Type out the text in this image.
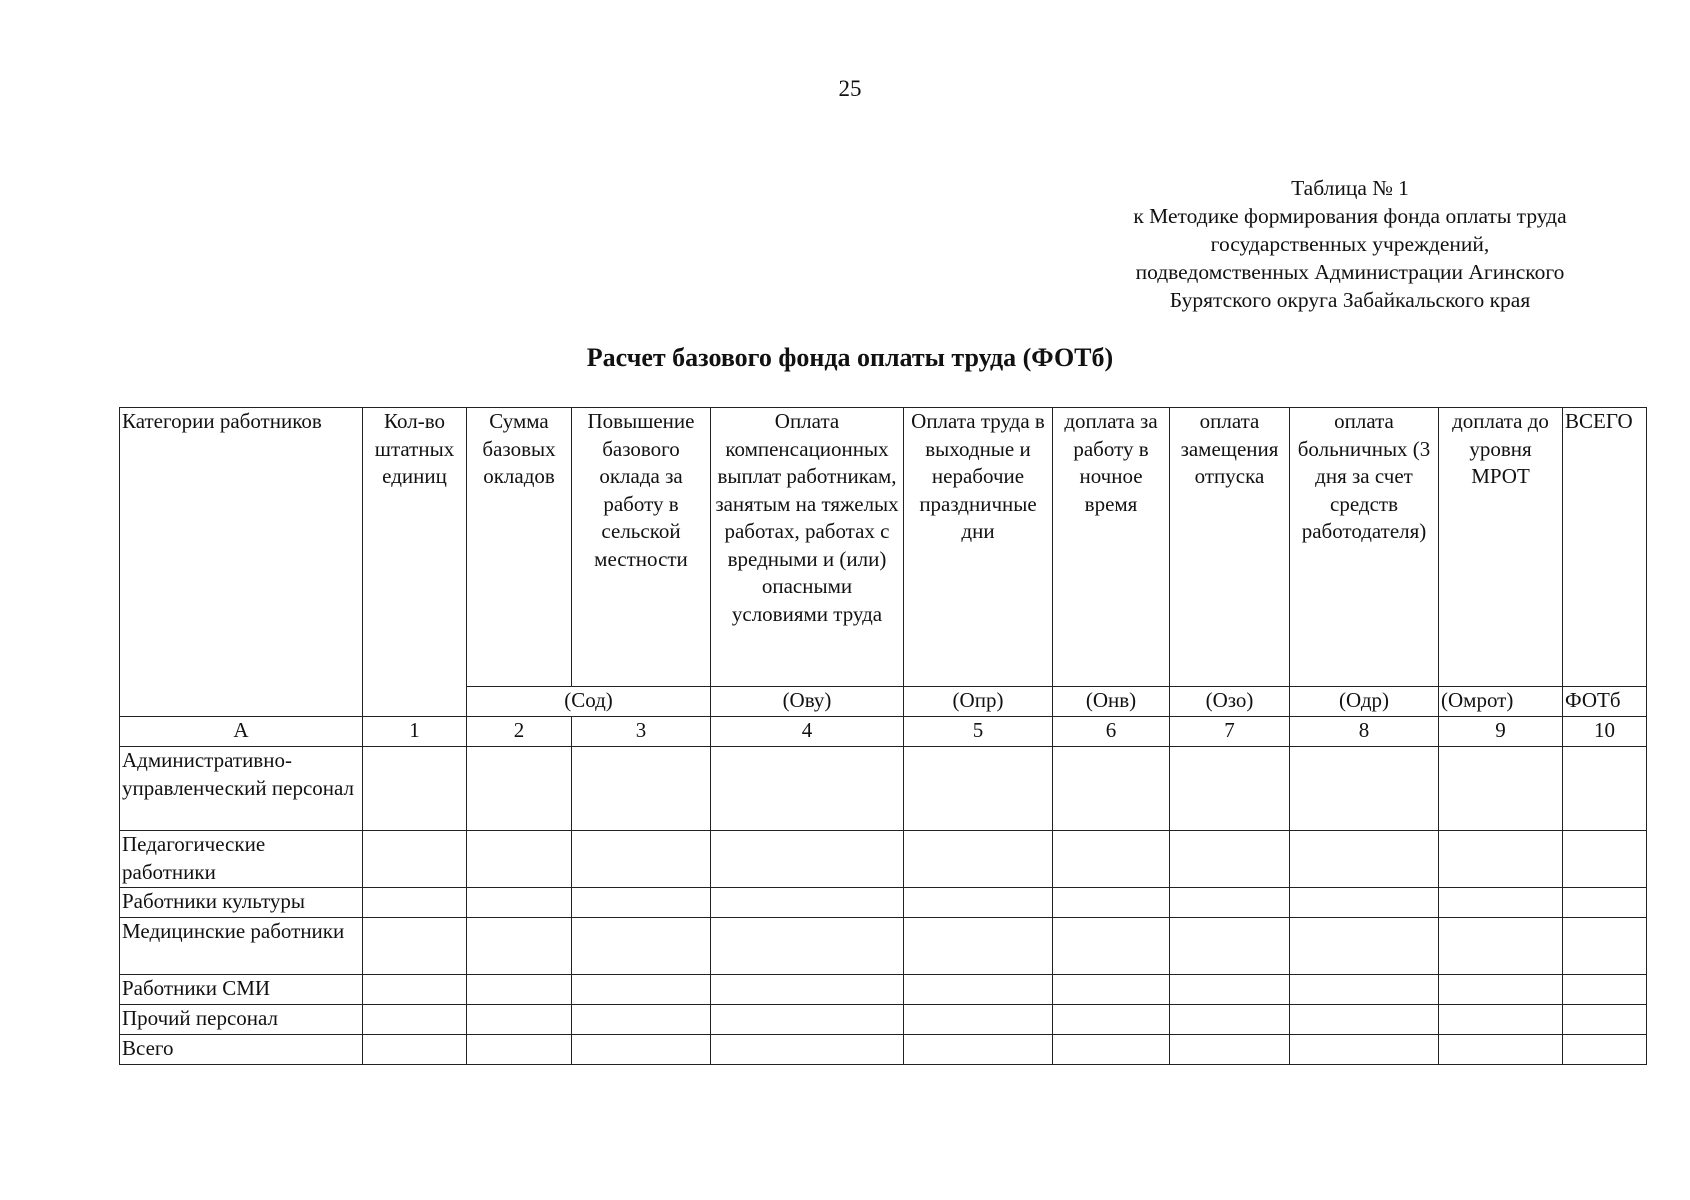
25
Таблица № 1
к Методике формирования фонда оплаты труда
государственных учреждений,
подведомственных Администрации Агинского
Бурятского округа Забайкальского края
Расчет базового фонда оплаты труда (ФОТб)
Категории работников	Кол-во штатных единиц	Сумма базовых окладов	Повышение базового оклада за работу в сельской местности	Оплата компенсационных выплат работникам, занятым на тяжелых работах, работах с вредными и (или) опасными условиями труда	Оплата труда в выходные и нерабочие праздничные дни	доплата за работу в ночное время	оплата замещения отпуска	оплата больничных (3 дня за счет средств работодателя)	доплата до уровня МРОТ	ВСЕГО
		(Сод)		(Ову)	(Опр)	(Онв)	(Озо)	(Одр)	(Омрот)	ФОТб
А	1	2	3	4	5	6	7	8	9	10
Административно-управленческий персонал										
Педагогические работники										
Работники культуры										
Медицинские работники										
Работники СМИ										
Прочий персонал										
Всего										
